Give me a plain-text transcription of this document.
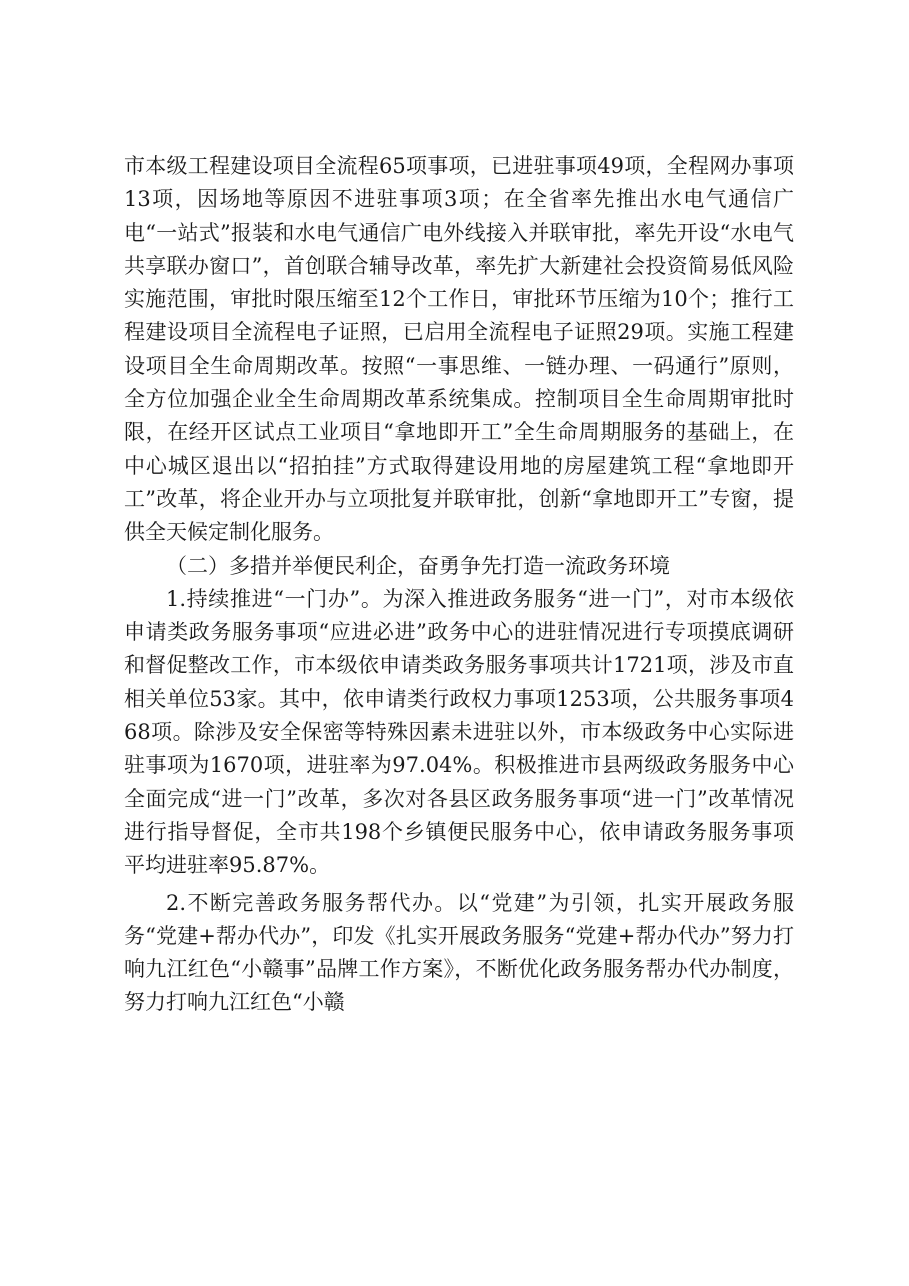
市本级工程建设项目全流程65项事项，已进驻事项49项，全程网办事项13项，因场地等原因不进驻事项3项；在全省率先推出水电气通信广电“一站式”报装和水电气通信广电外线接入并联审批，率先开设“水电气共享联办窗口”，首创联合辅导改革，率先扩大新建社会投资简易低风险实施范围，审批时限压缩至12个工作日，审批环节压缩为10个；推行工程建设项目全流程电子证照，已启用全流程电子证照29项。实施工程建设项目全生命周期改革。按照“一事思维、一链办理、一码通行”原则，全方位加强企业全生命周期改革系统集成。控制项目全生命周期审批时限，在经开区试点工业项目“拿地即开工”全生命周期服务的基础上，在中心城区退出以“招拍挂”方式取得建设用地的房屋建筑工程“拿地即开工”改革，将企业开办与立项批复并联审批，创新“拿地即开工”专窗，提供全天候定制化服务。

（二）多措并举便民利企，奋勇争先打造一流政务环境

1.持续推进“一门办”。为深入推进政务服务“进一门”，对市本级依申请类政务服务事项“应进必进”政务中心的进驻情况进行专项摸底调研和督促整改工作，市本级依申请类政务服务事项共计1721项，涉及市直相关单位53家。其中，依申请类行政权力事项1253项，公共服务事项468项。除涉及安全保密等特殊因素未进驻以外，市本级政务中心实际进驻事项为1670项，进驻率为97.04%。积极推进市县两级政务服务中心全面完成“进一门”改革，多次对各县区政务服务事项“进一门”改革情况进行指导督促，全市共198个乡镇便民服务中心，依申请政务服务事项平均进驻率95.87%。

2.不断完善政务服务帮代办。以“党建”为引领，扎实开展政务服务“党建+帮办代办”，印发《扎实开展政务服务“党建+帮办代办”努力打响九江红色“小赣事”品牌工作方案》，不断优化政务服务帮办代办制度，努力打响九江红色“小赣
